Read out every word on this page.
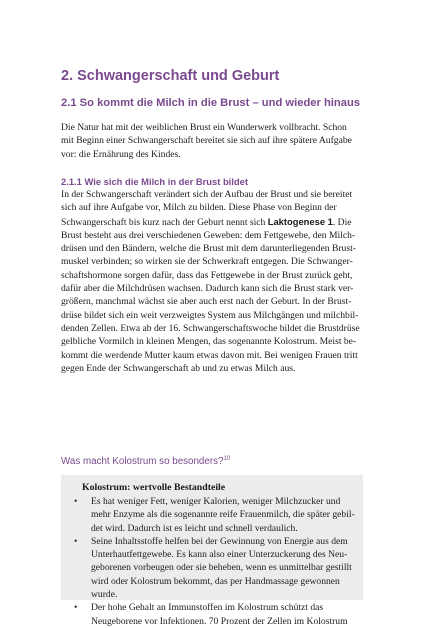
2. Schwangerschaft und Geburt
2.1 So kommt die Milch in die Brust – und wieder hinaus

Die Natur hat mit der weiblichen Brust ein Wunderwerk vollbracht. Schon
mit Beginn einer Schwangerschaft bereitet sie sich auf ihre spätere Aufgabe
vor: die Ernährung des Kindes.

2.1.1 Wie sich die Milch in der Brust bildet

In der Schwangerschaft verändert sich der Aufbau der Brust und sie bereitet
sich auf ihre Aufgabe vor, Milch zu bilden. Diese Phase von Beginn der
Schwangerschaft bis kurz nach der Geburt nennt sich Laktogenese 1. Die
Brust besteht aus drei verschiedenen Geweben: dem Fettgewebe, den Milch-
drüsen und den Bändern, welche die Brust mit dem darunterliegenden Brust-
muskel verbinden; so wirken sie der Schwerkraft entgegen. Die Schwanger-
schaftshormone sorgen dafür, dass das Fettgewebe in der Brust zurück geht,
dafür aber die Milchdrüsen wachsen. Dadurch kann sich die Brust stark ver-
größern, manchmal wächst sie aber auch erst nach der Geburt. In der Brust-
drüse bildet sich ein weit verzweigtes System aus Milchgängen und milchbil-
denden Zellen. Etwa ab der 16. Schwangerschaftswoche bildet die Brustdrüse
gelbliche Vormilch in kleinen Mengen, das sogenannte Kolostrum. Meist be-
kommt die werdende Mutter kaum etwas davon mit. Bei wenigen Frauen tritt
gegen Ende der Schwangerschaft ab und zu etwas Milch aus.

Was macht Kolostrum so besonders?$^{10}$

Kolostrum: wertvolle Bestandteile

• Es hat weniger Fett, weniger Kalorien, weniger Milchzucker und
mehr Enzyme als die sogenannte reife Frauenmilch, die später gebil-
det wird. Dadurch ist es leicht und schnell verdaulich.
• Seine Inhaltsstoffe helfen bei der Gewinnung von Energie aus dem
Unterhautfettgewebe. Es kann also einer Unterzuckerung des Neu-
geborenen vorbeugen oder sie beheben, wenn es unmittelbar gestillt
wird oder Kolostrum bekommt, das per Handmassage gewonnen
wurde.
• Der hohe Gehalt an Immunstoffen im Kolostrum schützt das
Neugeborene vor Infektionen. 70 Prozent der Zellen im Kolostrum
